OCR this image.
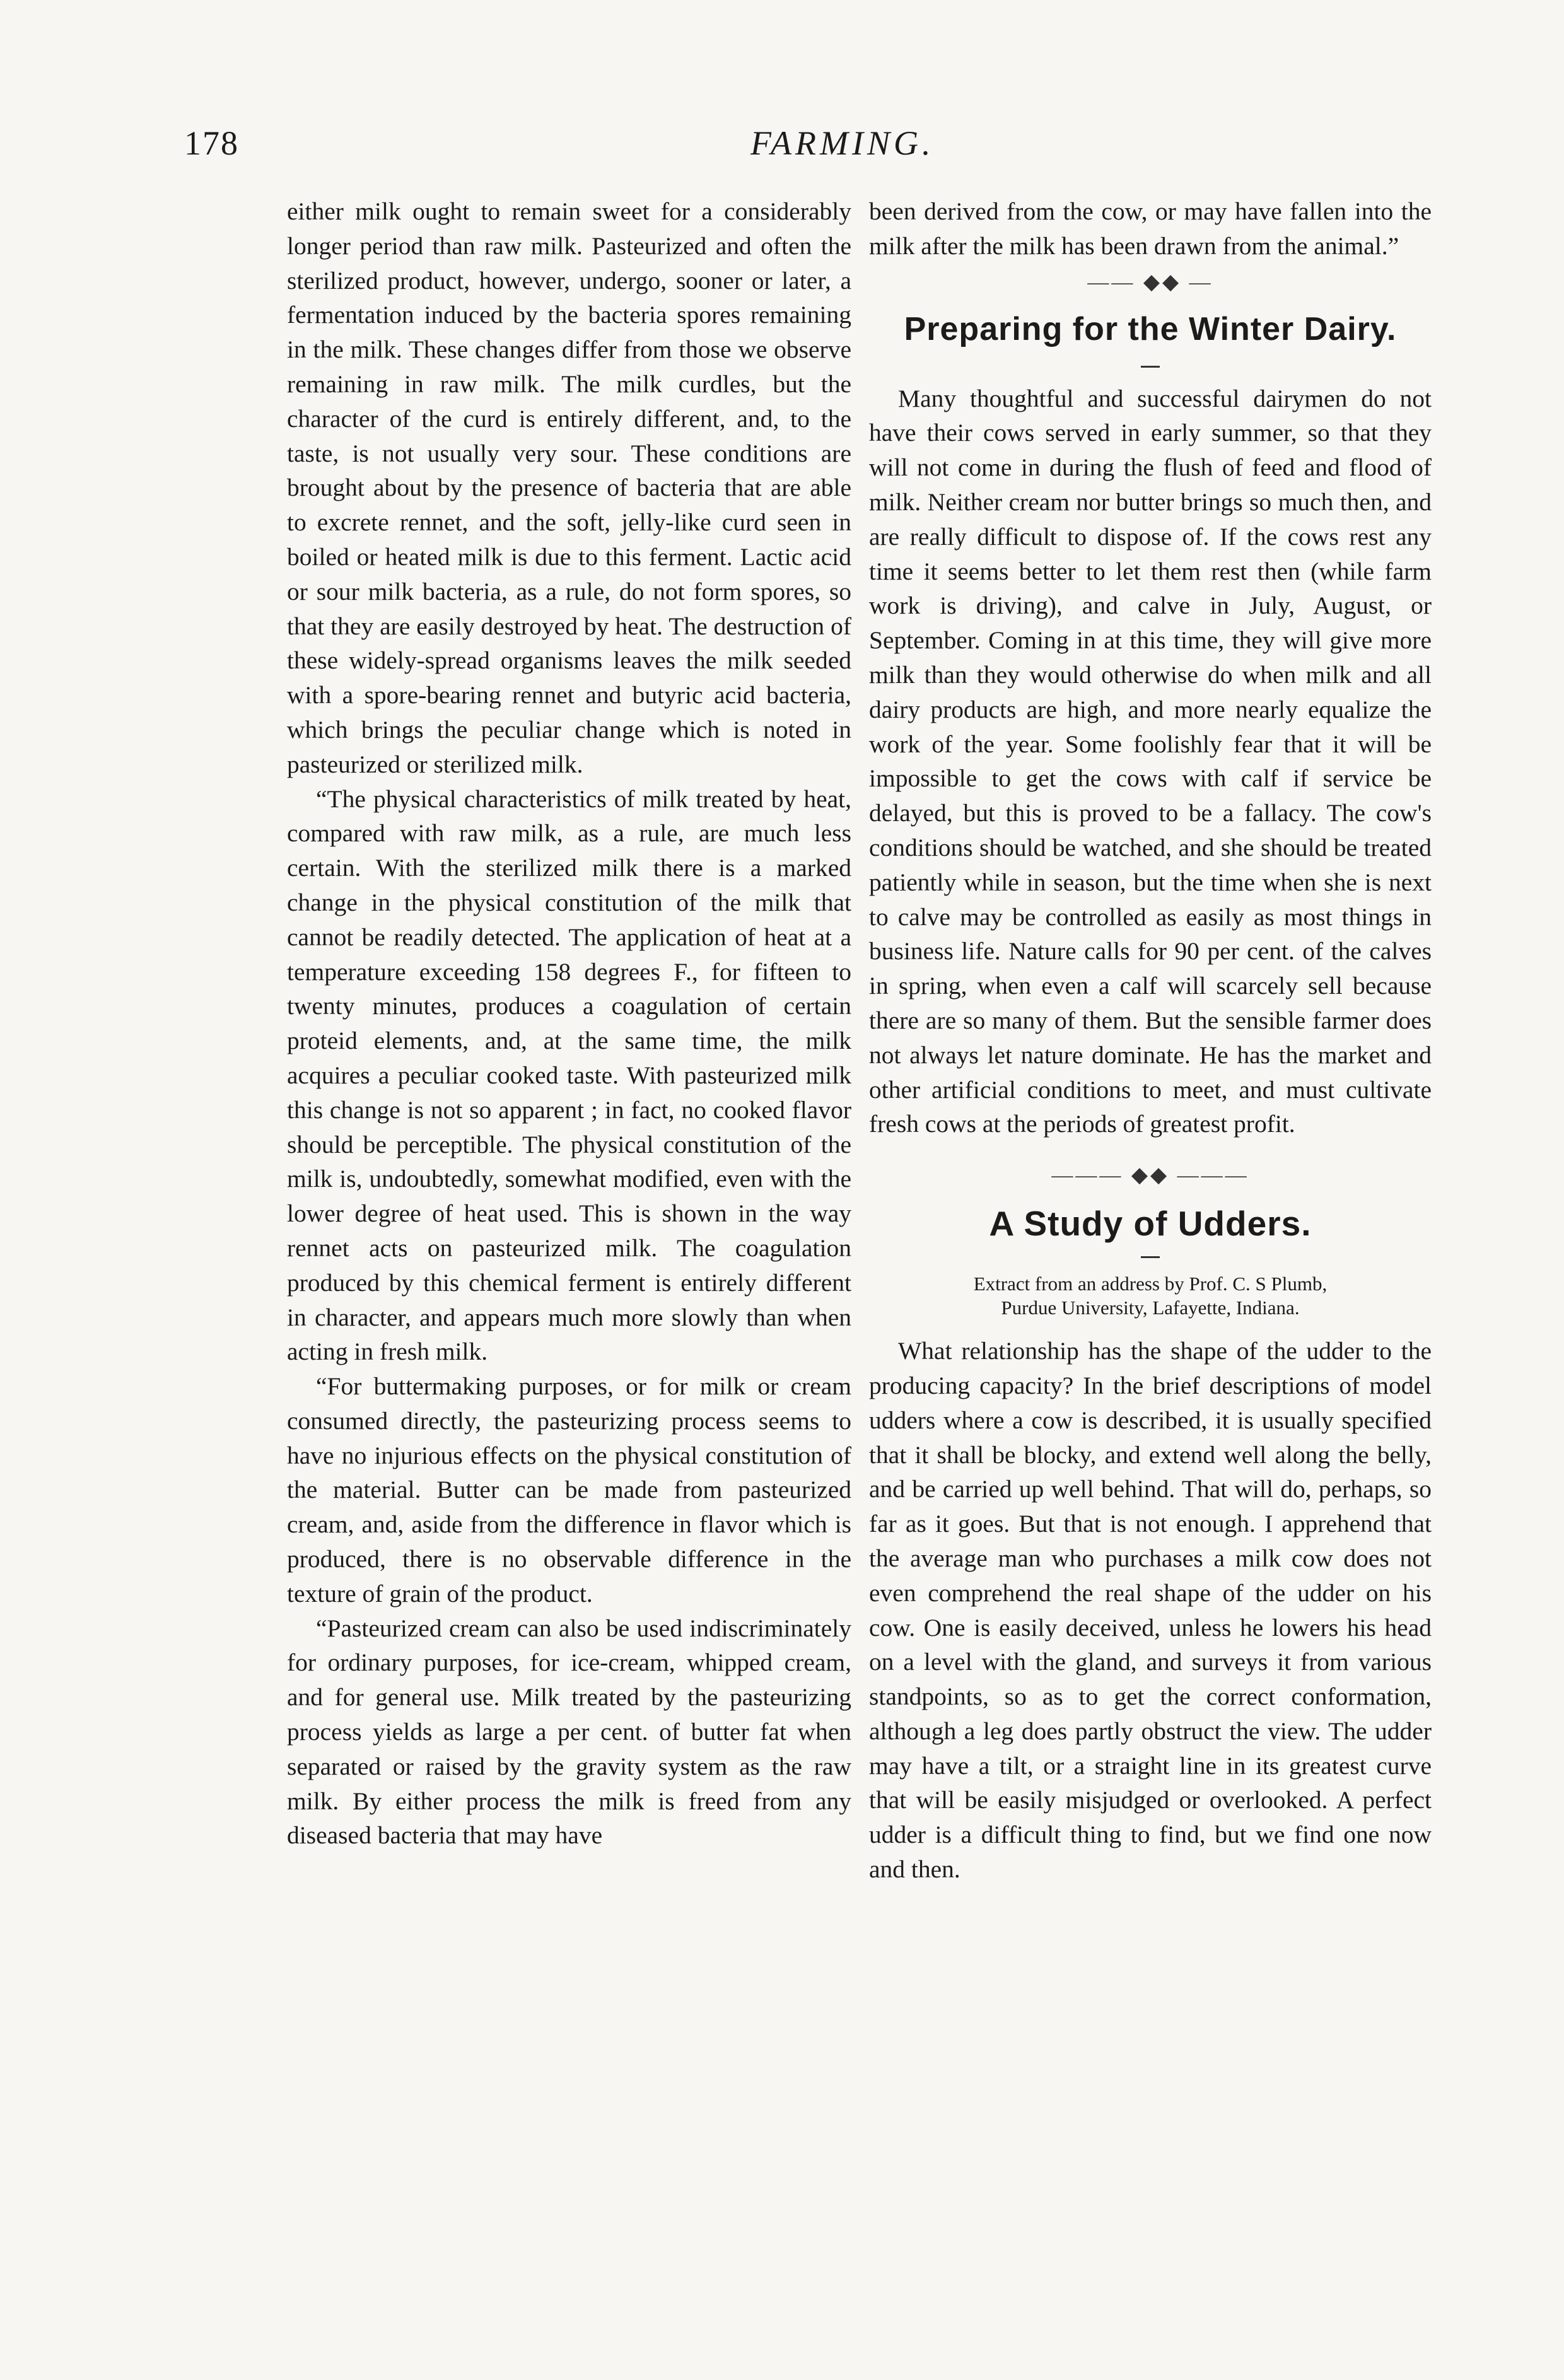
178	FARMING.

either milk ought to remain sweet for a considerably longer period than raw milk. Pasteurized and often the sterilized product, however, undergo, sooner or later, a fermentation induced by the bacteria spores remaining in the milk. These changes differ from those we observe remaining in raw milk. The milk curdles, but the character of the curd is entirely different, and, to the taste, is not usually very sour. These conditions are brought about by the presence of bacteria that are able to excrete rennet, and the soft, jelly-like curd seen in boiled or heated milk is due to this ferment. Lactic acid or sour milk bacteria, as a rule, do not form spores, so that they are easily destroyed by heat. The destruction of these widely-spread organisms leaves the milk seeded with a spore-bearing rennet and butyric acid bacteria, which brings the peculiar change which is noted in pasteurized or sterilized milk.

“The physical characteristics of milk treated by heat, compared with raw milk, as a rule, are much less certain. With the sterilized milk there is a marked change in the physical constitution of the milk that cannot be readily detected. The application of heat at a temperature exceeding 158 degrees F., for fifteen to twenty minutes, produces a coagulation of certain proteid elements, and, at the same time, the milk acquires a peculiar cooked taste. With pasteurized milk this change is not so apparent ; in fact, no cooked flavor should be perceptible. The physical constitution of the milk is, undoubtedly, somewhat modified, even with the lower degree of heat used. This is shown in the way rennet acts on pasteurized milk. The coagulation produced by this chemical ferment is entirely different in character, and appears much more slowly than when acting in fresh milk.

“For buttermaking purposes, or for milk or cream consumed directly, the pasteurizing process seems to have no injurious effects on the physical constitution of the material. Butter can be made from pasteurized cream, and, aside from the difference in flavor which is produced, there is no observable difference in the texture of grain of the product.

“Pasteurized cream can also be used indiscriminately for ordinary purposes, for ice-cream, whipped cream, and for general use. Milk treated by the pasteurizing process yields as large a per cent. of butter fat when separated or raised by the gravity system as the raw milk. By either process the milk is freed from any diseased bacteria that may have

been derived from the cow, or may have fallen into the milk after the milk has been drawn from the animal.”

—— ◆◆ —
Preparing for the Winter Dairy.

Many thoughtful and successful dairymen do not have their cows served in early summer, so that they will not come in during the flush of feed and flood of milk. Neither cream nor butter brings so much then, and are really difficult to dispose of. If the cows rest any time it seems better to let them rest then (while farm work is driving), and calve in July, August, or September. Coming in at this time, they will give more milk than they would otherwise do when milk and all dairy products are high, and more nearly equalize the work of the year. Some foolishly fear that it will be impossible to get the cows with calf if service be delayed, but this is proved to be a fallacy. The cow's conditions should be watched, and she should be treated patiently while in season, but the time when she is next to calve may be controlled as easily as most things in business life. Nature calls for 90 per cent. of the calves in spring, when even a calf will scarcely sell because there are so many of them. But the sensible farmer does not always let nature dominate. He has the market and other artificial conditions to meet, and must cultivate fresh cows at the periods of greatest profit.

——— ◆◆ ———
A Study of Udders.
Extract from an address by Prof. C. S Plumb,
Purdue University, Lafayette, Indiana.

What relationship has the shape of the udder to the producing capacity? In the brief descriptions of model udders where a cow is described, it is usually specified that it shall be blocky, and extend well along the belly, and be carried up well behind. That will do, perhaps, so far as it goes. But that is not enough. I apprehend that the average man who purchases a milk cow does not even comprehend the real shape of the udder on his cow. One is easily deceived, unless he lowers his head on a level with the gland, and surveys it from various standpoints, so as to get the correct conformation, although a leg does partly obstruct the view. The udder may have a tilt, or a straight line in its greatest curve that will be easily misjudged or overlooked. A perfect udder is a difficult thing to find, but we find one now and then.
